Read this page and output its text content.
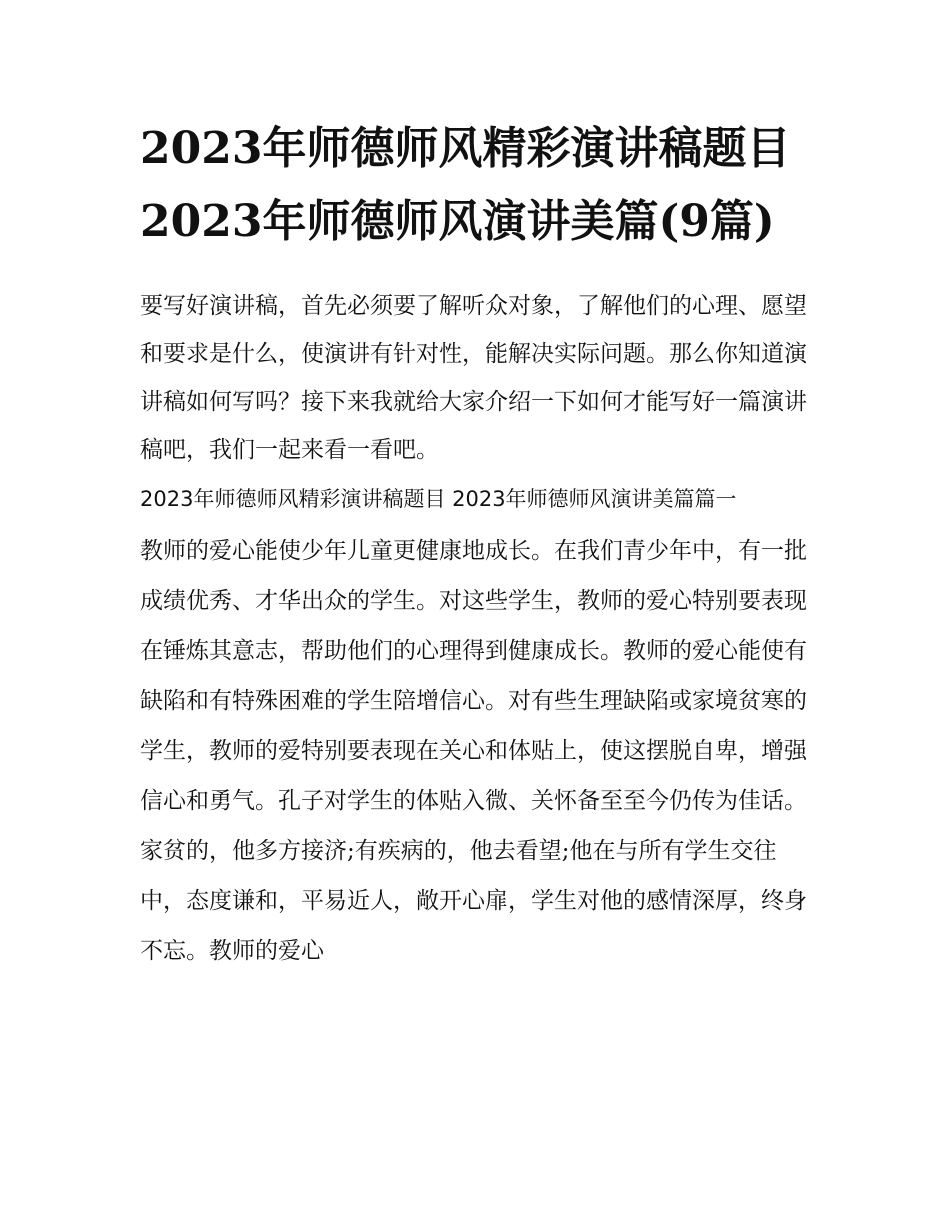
2023年师德师风精彩演讲稿题目 2023年师德师风演讲美篇(9篇)

要写好演讲稿，首先必须要了解听众对象，了解他们的心理、愿望和要求是什么，使演讲有针对性，能解决实际问题。那么你知道演讲稿如何写吗？接下来我就给大家介绍一下如何才能写好一篇演讲稿吧，我们一起来看一看吧。

2023年师德师风精彩演讲稿题目 2023年师德师风演讲美篇篇一

教师的爱心能使少年儿童更健康地成长。在我们青少年中，有一批成绩优秀、才华出众的学生。对这些学生，教师的爱心特别要表现在锤炼其意志，帮助他们的心理得到健康成长。教师的爱心能使有缺陷和有特殊困难的学生陪增信心。对有些生理缺陷或家境贫寒的学生，教师的爱特别要表现在关心和体贴上，使这摆脱自卑，增强信心和勇气。孔子对学生的体贴入微、关怀备至至今仍传为佳话。家贫的，他多方接济;有疾病的，他去看望;他在与所有学生交往中，态度谦和，平易近人，敞开心扉，学生对他的感情深厚，终身不忘。教师的爱心
